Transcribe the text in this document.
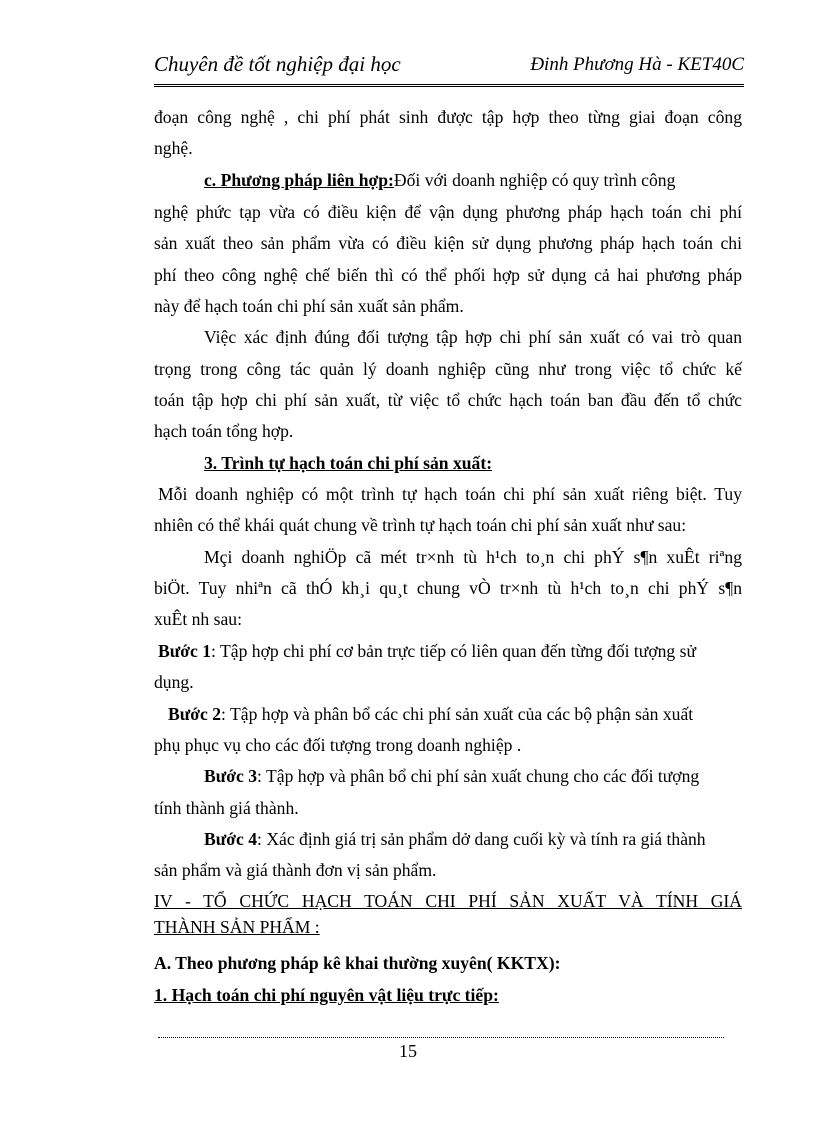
Chuyên đề tốt nghiệp đại học	Đinh Phương Hà - KET40C
đoạn công nghệ , chi phí phát sinh được tập hợp theo từng giai đoạn công
nghệ.
c. Phương pháp liên hợp:Đối với doanh nghiệp có quy trình công
nghệ phức tạp vừa có điều kiện để vận dụng phương pháp hạch toán chi phí
sản xuất theo sản phẩm vừa có điều kiện sử dụng phương pháp hạch toán chi
phí theo công nghệ chế biến thì có thể phối hợp sử dụng cả hai phương pháp
này để hạch toán chi phí sản xuất sản phẩm.
Việc xác định đúng đối tượng tập hợp chi phí sản xuất có vai trò quan
trọng trong công tác quản lý doanh nghiệp cũng như trong việc tổ chức kế
toán tập hợp chi phí sản xuất, từ việc tổ chức hạch toán ban đầu đến tổ chức
hạch toán tổng hợp.
3. Trình tự hạch toán chi phí sản xuất:
Mỗi doanh nghiệp có một trình tự hạch toán chi phí sản xuất riêng biệt. Tuy
nhiên có thể khái quát chung về trình tự hạch toán chi phí sản xuất như sau:
Mçi doanh nghiÖp cã mét tr×nh tù h¹ch to¸n chi phÝ s¶n xuÊt riªng
biÖt. Tuy nhiªn cã thÓ kh¸i qu¸t chung vÒ tr×nh tù h¹ch to¸n chi phÝ s¶n
xuÊt nh sau:
Bước 1: Tập hợp chi phí cơ bản trực tiếp có liên quan đến từng đối tượng sử
dụng.
Bước 2: Tập hợp và phân bổ các chi phí sản xuất của các bộ phận sản xuất
phụ phục vụ cho các đối tượng trong doanh nghiệp .
Bước 3: Tập hợp và phân bổ chi phí sản xuất chung cho các đối tượng
tính thành giá thành.
Bước 4: Xác định giá trị sản phẩm dở dang cuối kỳ và tính ra giá thành
sản phẩm và giá thành đơn vị sản phẩm.
IV - TỔ CHỨC HẠCH TOÁN CHI PHÍ SẢN XUẤT VÀ TÍNH GIÁ
THÀNH SẢN PHẨM :
A. Theo phương pháp kê khai thường xuyên( KKTX):
1. Hạch toán chi phí nguyên vật liệu trực tiếp:
15
